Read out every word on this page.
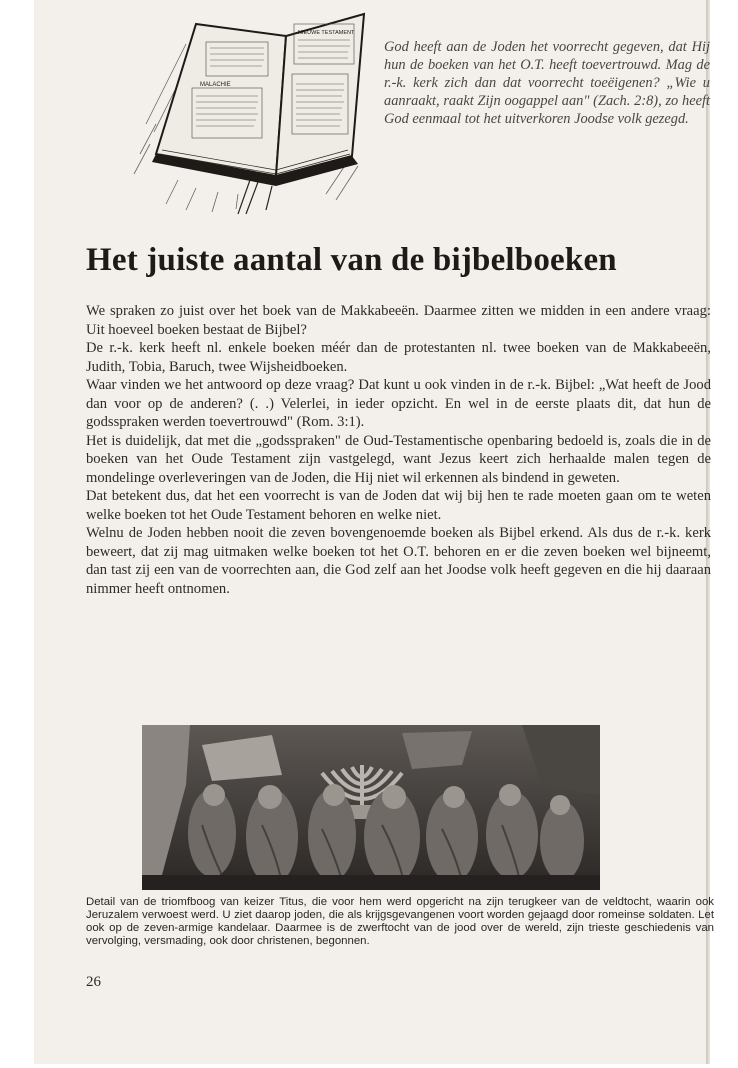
MALACHIE
NIEUWE TESTAMENT

God heeft aan de Joden het voorrecht gegeven, dat Hij hun de boeken van het O.T. heeft toevertrouwd. Mag de r.-k. kerk zich dan dat voorrecht toeëigenen? „Wie u aanraakt, raakt Zijn oogappel aan" (Zach. 2:8), zo heeft God eenmaal tot het uitverkoren Joodse volk gezegd.

Het juiste aantal van de bijbelboeken

We spraken zo juist over het boek van de Makkabeeën. Daarmee zitten we midden in een andere vraag: Uit hoeveel boeken bestaat de Bijbel?

De r.-k. kerk heeft nl. enkele boeken méér dan de protestanten nl. twee boeken van de Makkabeeën, Judith, Tobia, Baruch, twee Wijsheidboeken.

Waar vinden we het antwoord op deze vraag? Dat kunt u ook vinden in de r.-k. Bijbel: „Wat heeft de Jood dan voor op de anderen? (. .) Velerlei, in ieder opzicht. En wel in de eerste plaats dit, dat hun de godsspraken werden toevertrouwd" (Rom. 3:1).

Het is duidelijk, dat met die „godsspraken" de Oud-Testamentische openbaring bedoeld is, zoals die in de boeken van het Oude Testament zijn vastgelegd, want Jezus keert zich herhaalde malen tegen de mondelinge overleveringen van de Joden, die Hij niet wil erkennen als bindend in geweten.

Dat betekent dus, dat het een voorrecht is van de Joden dat wij bij hen te rade moeten gaan om te weten welke boeken tot het Oude Testament behoren en welke niet.

Welnu de Joden hebben nooit die zeven bovengenoemde boeken als Bijbel erkend. Als dus de r.-k. kerk beweert, dat zij mag uitmaken welke boeken tot het O.T. behoren en er die zeven boeken wel bijneemt, dan tast zij een van de voorrechten aan, die God zelf aan het Joodse volk heeft gegeven en die hij daaraan nimmer heeft ontnomen.

Detail van de triomfboog van keizer Titus, die voor hem werd opgericht na zijn terugkeer van de veldtocht, waarin ook Jeruzalem verwoest werd. U ziet daarop joden, die als krijgsgevangenen voort worden gejaagd door romeinse soldaten. Let ook op de zeven-armige kandelaar. Daarmee is de zwerftocht van de jood over de wereld, zijn trieste geschiedenis van vervolging, versmading, ook door christenen, begonnen.

26
